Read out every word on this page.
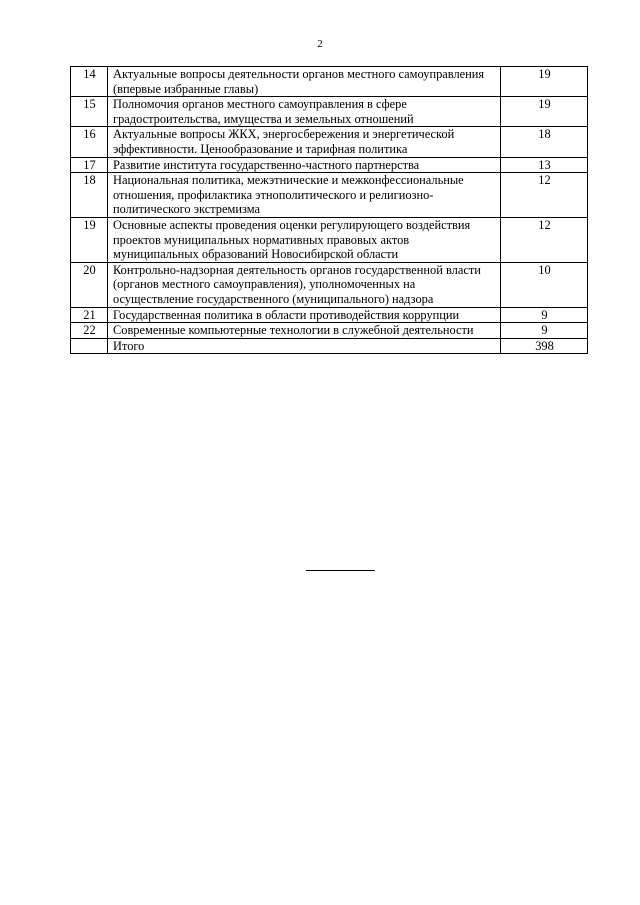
2
14	Актуальные вопросы деятельности органов местного самоуправления (впервые избранные главы)	19
15	Полномочия органов местного самоуправления в сфере градостроительства, имущества и земельных отношений	19
16	Актуальные вопросы ЖКХ, энергосбережения и энергетической эффективности. Ценообразование и тарифная политика	18
17	Развитие института государственно-частного партнерства	13
18	Национальная политика, межэтнические и межконфессиональные отношения, профилактика этнополитического и религиозно-политического экстремизма	12
19	Основные аспекты проведения оценки регулирующего воздействия проектов муниципальных нормативных правовых актов муниципальных образований Новосибирской области	12
20	Контрольно-надзорная деятельность органов государственной власти (органов местного самоуправления), уполномоченных на осуществление государственного (муниципального) надзора	10
21	Государственная политика в области противодействия коррупции	9
22	Современные компьютерные технологии в служебной деятельности	9
	Итого	398
